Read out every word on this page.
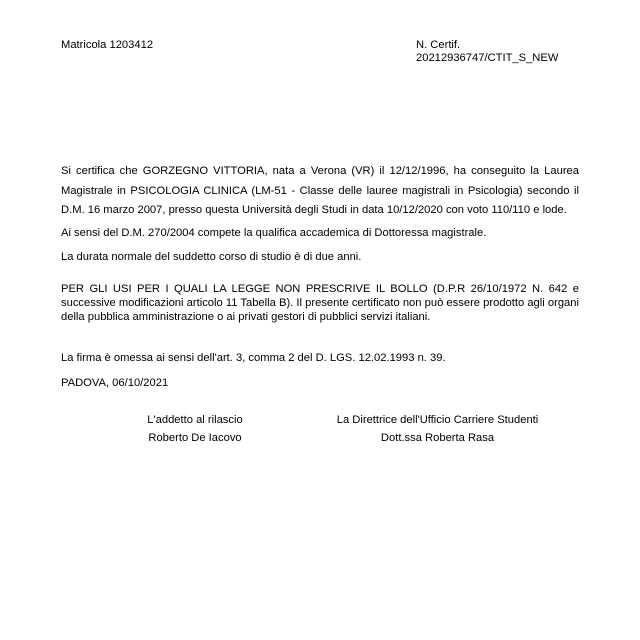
Matricola 1203412	N. Certif.
20212936747/CTIT_S_NEW
Si certifica che GORZEGNO VITTORIA, nata a Verona (VR) il 12/12/1996, ha conseguito la Laurea Magistrale in PSICOLOGIA CLINICA (LM-51 - Classe delle lauree magistrali in Psicologia) secondo il D.M. 16 marzo 2007, presso questa Università degli Studi in data 10/12/2020 con voto 110/110 e lode.
Ai sensi del D.M. 270/2004 compete la qualifica accademica di Dottoressa magistrale.
La durata normale del suddetto corso di studio è di due anni.
PER GLI USI PER I QUALI LA LEGGE NON PRESCRIVE IL BOLLO (D.P.R 26/10/1972 N. 642 e successive modificazioni articolo 11 Tabella B). Il presente certificato non può essere prodotto agli organi della pubblica amministrazione o ai privati gestori di pubblici servizi italiani.
La firma è omessa ai sensi dell'art. 3, comma 2 del D. LGS. 12.02.1993 n. 39.
PADOVA, 06/10/2021
L'addetto al rilascio
Roberto De Iacovo
La Direttrice dell'Ufficio Carriere Studenti
Dott.ssa Roberta Rasa
